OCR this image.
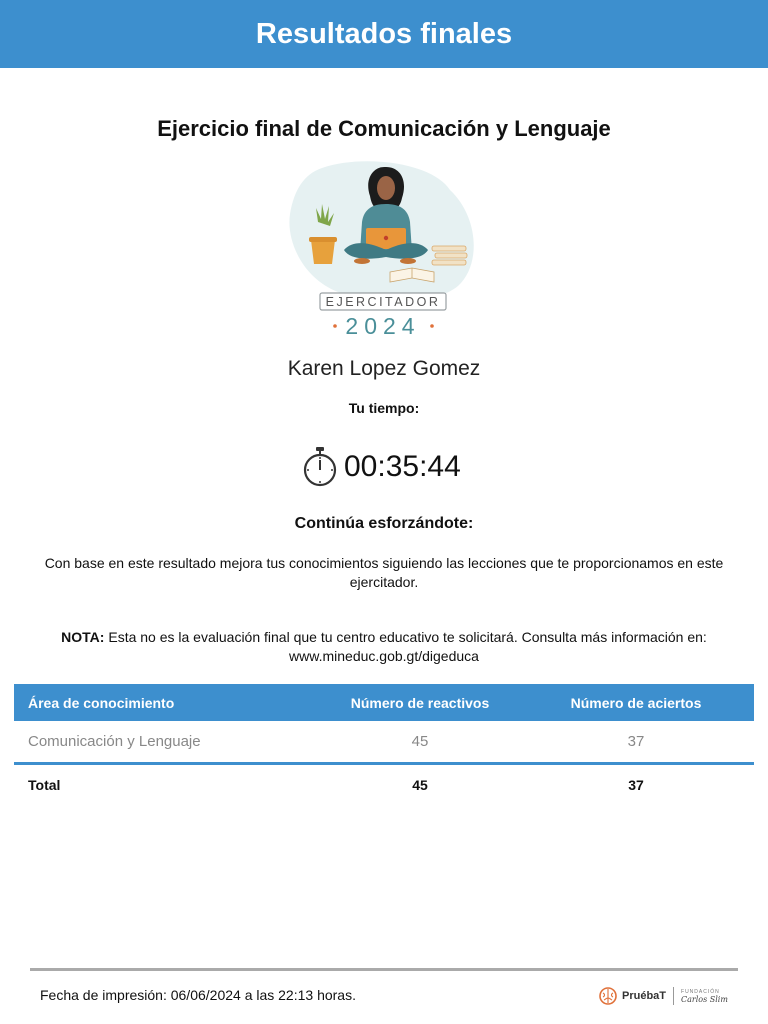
Resultados finales
Ejercicio final de Comunicación y Lenguaje
EJERCITADOR
2024
Karen Lopez Gomez
Tu tiempo:
00:35:44
Continúa esforzándote:
Con base en este resultado mejora tus conocimientos siguiendo las lecciones que te proporcionamos en este ejercitador.
NOTA: Esta no es la evaluación final que tu centro educativo te solicitará. Consulta más información en: www.mineduc.gob.gt/digeduca
Área de conocimiento	Número de reactivos	Número de aciertos
Comunicación y Lenguaje	45	37
Total	45	37
Fecha de impresión: 06/06/2024 a las 22:13 horas.	PruébaT	FUNDACIÓN
Carlos Slim
